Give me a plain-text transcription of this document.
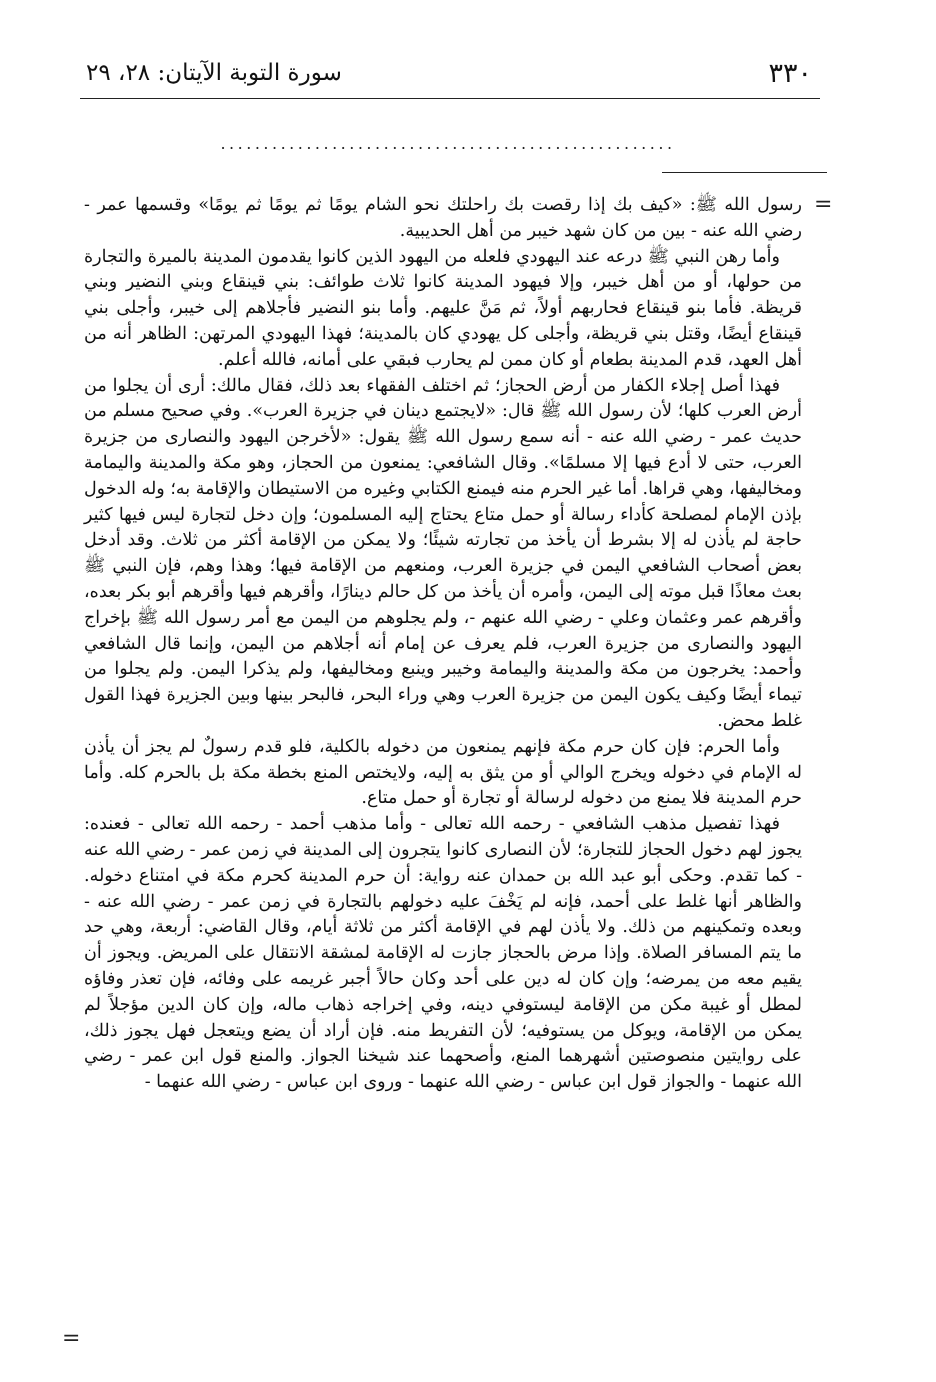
٣٣٠
سورة التوبة الآيتان: ٢٨، ٢٩
.....................................................
=

رسول الله ﷺ: «كيف بك إذا رقصت بك راحلتك نحو الشام يومًا ثم يومًا ثم يومًا» وقسمها عمر - رضي الله عنه - بين من كان شهد خيبر من أهل الحديبية.

وأما رهن النبي ﷺ درعه عند اليهودي فلعله من اليهود الذين كانوا يقدمون المدينة بالميرة والتجارة من حولها، أو من أهل خيبر، وإلا فيهود المدينة كانوا ثلاث طوائف: بني قينقاع وبني النضير وبني قريظة. فأما بنو قينقاع فحاربهم أولاً، ثم مَنَّ عليهم. وأما بنو النضير فأجلاهم إلى خيبر، وأجلى بني قينقاع أيضًا، وقتل بني قريظة، وأجلى كل يهودي كان بالمدينة؛ فهذا اليهودي المرتهن: الظاهر أنه من أهل العهد، قدم المدينة بطعام أو كان ممن لم يحارب فبقي على أمانه، فالله أعلم.

فهذا أصل إجلاء الكفار من أرض الحجاز؛ ثم اختلف الفقهاء بعد ذلك، فقال مالك: أرى أن يجلوا من أرض العرب كلها؛ لأن رسول الله ﷺ قال: «لايجتمع دينان في جزيرة العرب». وفي صحيح مسلم من حديث عمر - رضي الله عنه - أنه سمع رسول الله ﷺ يقول: «لأخرجن اليهود والنصارى من جزيرة العرب، حتى لا أدع فيها إلا مسلمًا». وقال الشافعي: يمنعون من الحجاز، وهو مكة والمدينة واليمامة ومخاليفها، وهي قراها. أما غير الحرم منه فيمنع الكتابي وغيره من الاستيطان والإقامة به؛ وله الدخول بإذن الإمام لمصلحة كأداء رسالة أو حمل متاع يحتاج إليه المسلمون؛ وإن دخل لتجارة ليس فيها كثير حاجة لم يأذن له إلا بشرط أن يأخذ من تجارته شيئًا؛ ولا يمكن من الإقامة أكثر من ثلاث. وقد أدخل بعض أصحاب الشافعي اليمن في جزيرة العرب، ومنعهم من الإقامة فيها؛ وهذا وهم، فإن النبي ﷺ بعث معاذًا قبل موته إلى اليمن، وأمره أن يأخذ من كل حالم دينارًا، وأقرهم فيها وأقرهم أبو بكر بعده، وأقرهم عمر وعثمان وعلي - رضي الله عنهم -، ولم يجلوهم من اليمن مع أمر رسول الله ﷺ بإخراج اليهود والنصارى من جزيرة العرب، فلم يعرف عن إمام أنه أجلاهم من اليمن، وإنما قال الشافعي وأحمد: يخرجون من مكة والمدينة واليمامة وخيبر وينبع ومخاليفها، ولم يذكرا اليمن. ولم يجلوا من تيماء أيضًا وكيف يكون اليمن من جزيرة العرب وهي وراء البحر، فالبحر بينها وبين الجزيرة فهذا القول غلط محض.

وأما الحرم: فإن كان حرم مكة فإنهم يمنعون من دخوله بالكلية، فلو قدم رسولٌ لم يجز أن يأذن له الإمام في دخوله ويخرج الوالي أو من يثق به إليه، ولايختص المنع بخطة مكة بل بالحرم كله. وأما حرم المدينة فلا يمنع من دخوله لرسالة أو تجارة أو حمل متاع.

فهذا تفصيل مذهب الشافعي - رحمه الله تعالى - وأما مذهب أحمد - رحمه الله تعالى - فعنده: يجوز لهم دخول الحجاز للتجارة؛ لأن النصارى كانوا يتجرون إلى المدينة في زمن عمر - رضي الله عنه - كما تقدم. وحكى أبو عبد الله بن حمدان عنه رواية: أن حرم المدينة كحرم مكة في امتناع دخوله. والظاهر أنها غلط على أحمد، فإنه لم يَخْفَ عليه دخولهم بالتجارة في زمن عمر - رضي الله عنه - وبعده وتمكينهم من ذلك. ولا يأذن لهم في الإقامة أكثر من ثلاثة أيام، وقال القاضي: أربعة، وهي حد ما يتم المسافر الصلاة. وإذا مرض بالحجاز جازت له الإقامة لمشقة الانتقال على المريض. ويجوز أن يقيم معه من يمرضه؛ وإن كان له دين على أحد وكان حالاً أجبر غريمه على وفائه، فإن تعذر وفاؤه لمطل أو غيبة مكن من الإقامة ليستوفي دينه، وفي إخراجه ذهاب ماله، وإن كان الدين مؤجلاً لم يمكن من الإقامة، ويوكل من يستوفيه؛ لأن التفريط منه. فإن أراد أن يضع ويتعجل فهل يجوز ذلك، على روايتين منصوصتين أشهرهما المنع، وأصحهما عند شيخنا الجواز. والمنع قول ابن عمر - رضي الله عنهما - والجواز قول ابن عباس - رضي الله عنهما - وروى ابن عباس - رضي الله عنهما -

=
